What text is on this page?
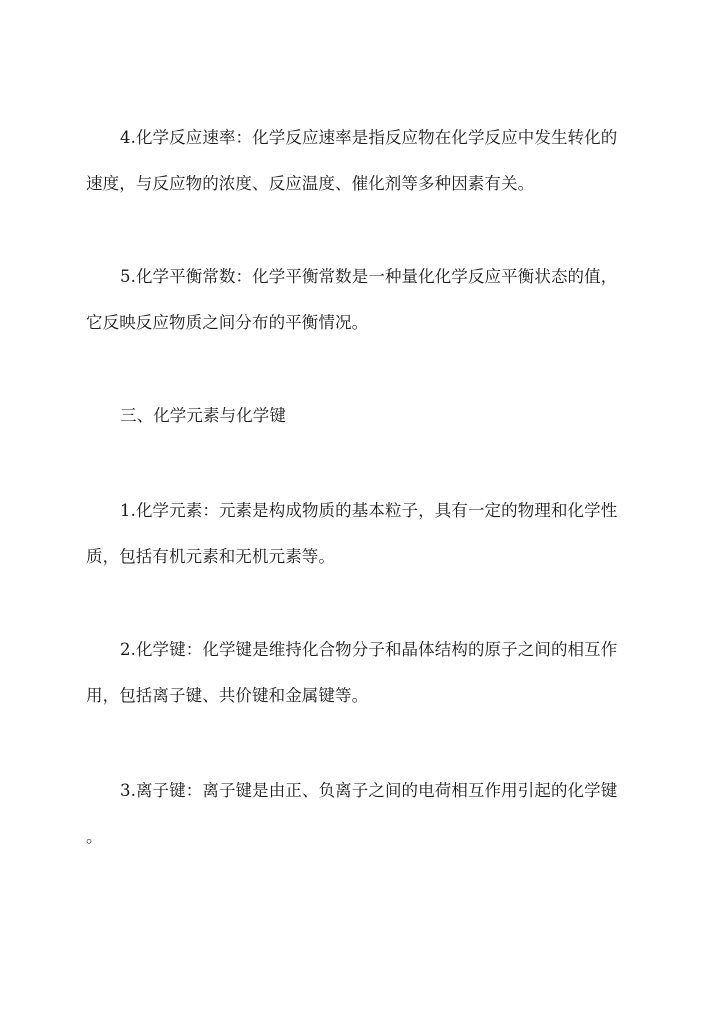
4.化学反应速率：化学反应速率是指反应物在化学反应中发生转化的
速度，与反应物的浓度、反应温度、催化剂等多种因素有关。
5.化学平衡常数：化学平衡常数是一种量化化学反应平衡状态的值，
它反映反应物质之间分布的平衡情况。
三、化学元素与化学键
1.化学元素：元素是构成物质的基本粒子，具有一定的物理和化学性
质，包括有机元素和无机元素等。
2.化学键：化学键是维持化合物分子和晶体结构的原子之间的相互作
用，包括离子键、共价键和金属键等。
3.离子键：离子键是由正、负离子之间的电荷相互作用引起的化学键
。
